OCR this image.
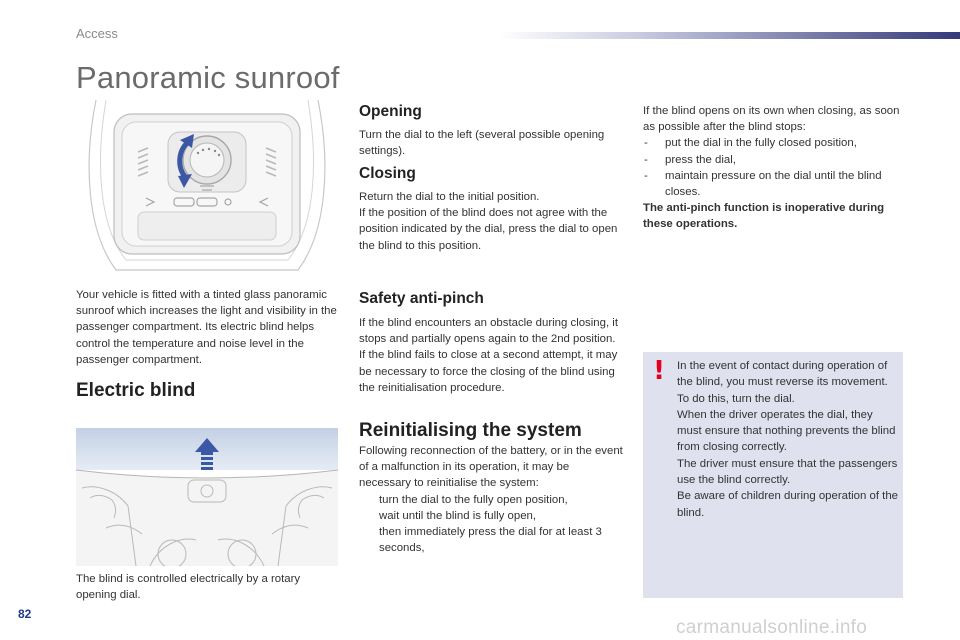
Access
Panoramic sunroof
Your vehicle is fitted with a tinted glass panoramic sunroof which increases the light and visibility in the passenger compartment. Its electric blind helps control the temperature and noise level in the passenger compartment.
Electric blind
The blind is controlled electrically by a rotary opening dial.
Opening
Turn the dial to the left (several possible opening settings).
Closing

Return the dial to the initial position.

If the position of the blind does not agree with the position indicated by the dial, press the dial to open the blind to this position.

Safety anti-pinch

If the blind encounters an obstacle during closing, it stops and partially opens again to the 2nd position.

If the blind fails to close at a second attempt, it may be necessary to force the closing of the blind using the reinitialisation procedure.

Reinitialising the system

Following reconnection of the battery, or in the event of a malfunction in its operation, it may be necessary to reinitialise the system:

turn the dial to the fully open position,
wait until the blind is fully open,
then immediately press the dial for at least 3 seconds,

If the blind opens on its own when closing, as soon as possible after the blind stops:

- put the dial in the fully closed position,
- press the dial,
- maintain pressure on the dial until the blind closes.

The anti-pinch function is inoperative during these operations.

! In the event of contact during operation of the blind, you must reverse its movement. To do this, turn the dial.

When the driver operates the dial, they must ensure that nothing prevents the blind from closing correctly.

The driver must ensure that the passengers use the blind correctly.

Be aware of children during operation of the blind.

82
carmanualsonline.info
